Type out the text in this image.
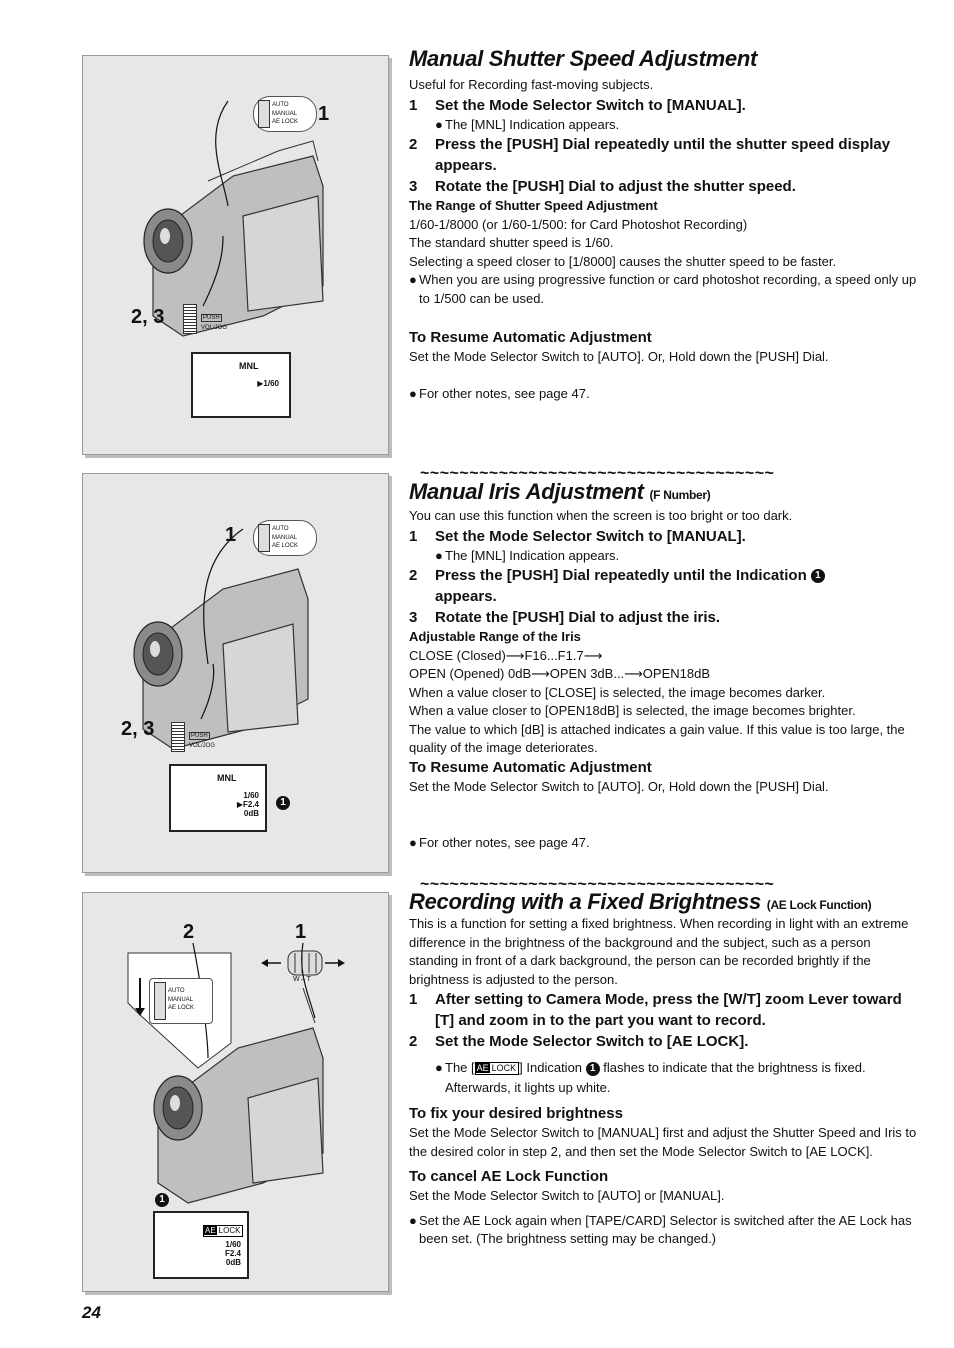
AUTO
MANUAL
AE LOCK 1
2, 3	PUSH
VOL/JOG
MNL
▶1/60
AUTO
MANUAL
AE LOCK
1
2, 3	PUSH
VOL/JOG
MNL
1/60
▶F2.4
0dB
1
2	1
W↔T
AUTO
MANUAL
AE LOCK
1
AE LOCK
1/60
F2.4
0dB
Manual Shutter Speed Adjustment

Useful for Recording fast-moving subjects.

1 Set the Mode Selector Switch to [MANUAL].
● The [MNL] Indication appears.
2 Press the [PUSH] Dial repeatedly until the shutter speed display appears.
3 Rotate the [PUSH] Dial to adjust the shutter speed.
The Range of Shutter Speed Adjustment

1/60-1/8000 (or 1/60-1/500: for Card Photoshot Recording)

The standard shutter speed is 1/60.

Selecting a speed closer to [1/8000] causes the shutter speed to be faster.

● When you are using progressive function or card photoshot recording, a speed only up to 1/500 can be used.
To Resume Automatic Adjustment

Set the Mode Selector Switch to [AUTO]. Or, Hold down the [PUSH] Dial.

● For other notes, see page 47.
~~~~~~~~~~~~~~~~~~~~~~~~~~~~~~~~~~~~
Manual Iris Adjustment (F Number)

You can use this function when the screen is too bright or too dark.

1 Set the Mode Selector Switch to [MANUAL].
● The [MNL] Indication appears.
2 Press the [PUSH] Dial repeatedly until the Indication 1
appears.
3 Rotate the [PUSH] Dial to adjust the iris.
Adjustable Range of the Iris

CLOSE (Closed)⟶F16...F1.7⟶

OPEN (Opened) 0dB⟶OPEN 3dB...⟶OPEN18dB

When a value closer to [CLOSE] is selected, the image becomes darker.

When a value closer to [OPEN18dB] is selected, the image becomes brighter.

The value to which [dB] is attached indicates a gain value. If this value is too large, the quality of the image deteriorates.

To Resume Automatic Adjustment

Set the Mode Selector Switch to [AUTO]. Or, Hold down the [PUSH] Dial.

● For other notes, see page 47.
~~~~~~~~~~~~~~~~~~~~~~~~~~~~~~~~~~~~
Recording with a Fixed Brightness (AE Lock Function)

This is a function for setting a fixed brightness. When recording in light with an extreme difference in the brightness of the background and the subject, such as a person standing in front of a dark background, the person can be recorded brightly if the brightness is adjusted to the person.

1 After setting to Camera Mode, press the [W/T] zoom Lever toward [T] and zoom in to the part you want to record.
2 Set the Mode Selector Switch to [AE LOCK].
● The [ AE LOCK ] Indication 1 flashes to indicate that the brightness is fixed. Afterwards, it lights up white.
To fix your desired brightness

Set the Mode Selector Switch to [MANUAL] first and adjust the Shutter Speed and Iris to the desired color in step 2, and then set the Mode Selector Switch to [AE LOCK].

To cancel AE Lock Function

Set the Mode Selector Switch to [AUTO] or [MANUAL].

● Set the AE Lock again when [TAPE/CARD] Selector is switched after the AE Lock has been set. (The brightness setting may be changed.)
24
